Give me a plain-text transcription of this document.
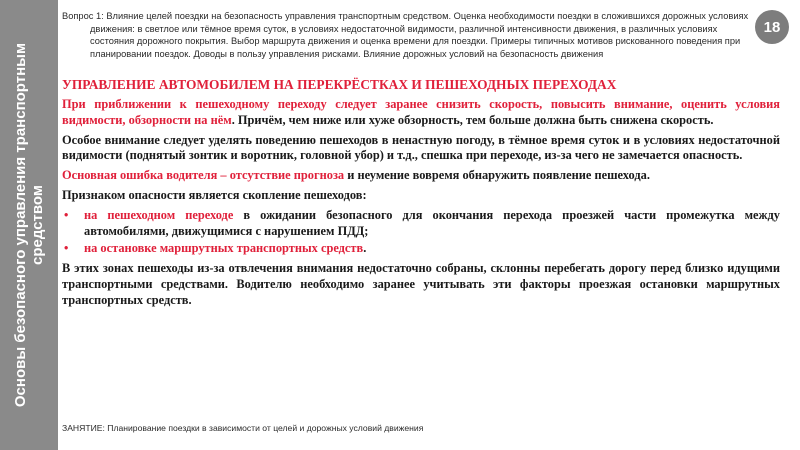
Основы безопасного управления транспортным средством
Вопрос 1: Влияние целей поездки на безопасность управления транспортным средством. Оценка необходимости поездки в сложившихся дорожных условиях движения: в светлое или тёмное время суток, в условиях недостаточной видимости, различной интенсивности движения, в различных условиях состояния дорожного покрытия. Выбор маршрута движения и оценка времени для поездки. Примеры типичных мотивов рискованного поведения при планировании поездок. Доводы в пользу управления рисками. Влияние дорожных условий на безопасность движения
18
УПРАВЛЕНИЕ АВТОМОБИЛЕМ НА ПЕРЕКРЁСТКАХ И ПЕШЕХОДНЫХ ПЕРЕХОДАХ

При приближении к пешеходному переходу следует заранее снизить скорость, повысить внимание, оценить условия видимости, обзорности на нём. Причём, чем ниже или хуже обзорность, тем больше должна быть снижена скорость.

Особое внимание следует уделять поведению пешеходов в ненастную погоду, в тёмное время суток и в условиях недостаточной видимости (поднятый зонтик и воротник, головной убор) и т.д., спешка при переходе, из-за чего не замечается опасность.

Основная ошибка водителя – отсутствие прогноза и неумение вовремя обнаружить появление пешехода.

Признаком опасности является скопление пешеходов:

• на пешеходном переходе в ожидании безопасного для окончания перехода проезжей части промежутка между автомобилями, движущимися с нарушением ПДД;
• на остановке маршрутных транспортных средств.

В этих зонах пешеходы из-за отвлечения внимания недостаточно собраны, склонны перебегать дорогу перед близко идущими транспортными средствами. Водителю необходимо заранее учитывать эти факторы проезжая остановки маршрутных транспортных средств.

ЗАНЯТИЕ: Планирование поездки в зависимости от целей и дорожных условий движения
